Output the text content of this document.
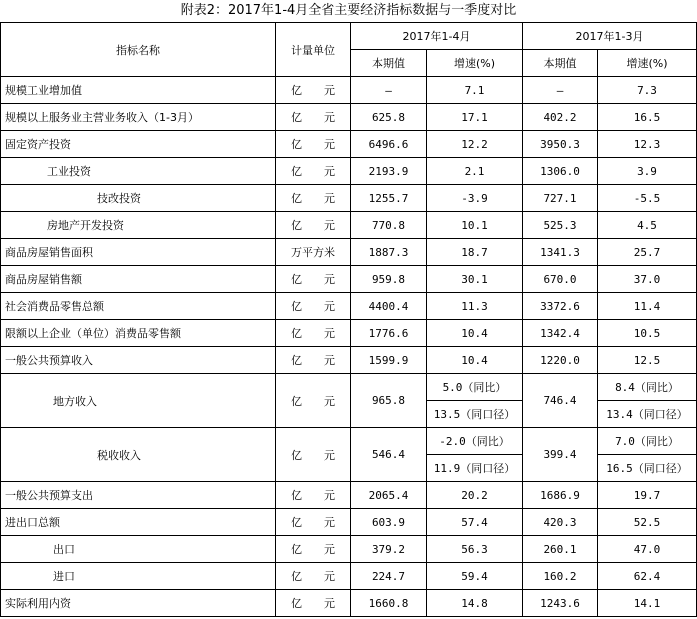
附表2：2017年1-4月全省主要经济指标数据与一季度对比
指标名称	计量单位	2017年1-4月		2017年1-3月	
		本期值	增速(%)	本期值	增速(%)
规模工业增加值	亿 元	—	7.1	—	7.3
规模以上服务业主营业务收入（1-3月）	亿 元	625.8	17.1	402.2	16.5
固定资产投资	亿 元	6496.6	12.2	3950.3	12.3
工业投资	亿 元	2193.9	2.1	1306.0	3.9
技改投资	亿 元	1255.7	-3.9	727.1	-5.5
房地产开发投资	亿 元	770.8	10.1	525.3	4.5
商品房屋销售面积	万平方米	1887.3	18.7	1341.3	25.7
商品房屋销售额	亿 元	959.8	30.1	670.0	37.0
社会消费品零售总额	亿 元	4400.4	11.3	3372.6	11.4
限额以上企业（单位）消费品零售额	亿 元	1776.6	10.4	1342.4	10.5
一般公共预算收入	亿 元	1599.9	10.4	1220.0	12.5
地方收入	亿 元	965.8	5.0（同比）	746.4	8.4（同比）
			13.5（同口径）		13.4（同口径）
税收收入	亿 元	546.4	-2.0（同比）	399.4	7.0（同比）
			11.9（同口径）		16.5（同口径）
一般公共预算支出	亿 元	2065.4	20.2	1686.9	19.7
进出口总额	亿 元	603.9	57.4	420.3	52.5
出口	亿 元	379.2	56.3	260.1	47.0
进口	亿 元	224.7	59.4	160.2	62.4
实际利用内资	亿 元	1660.8	14.8	1243.6	14.1
